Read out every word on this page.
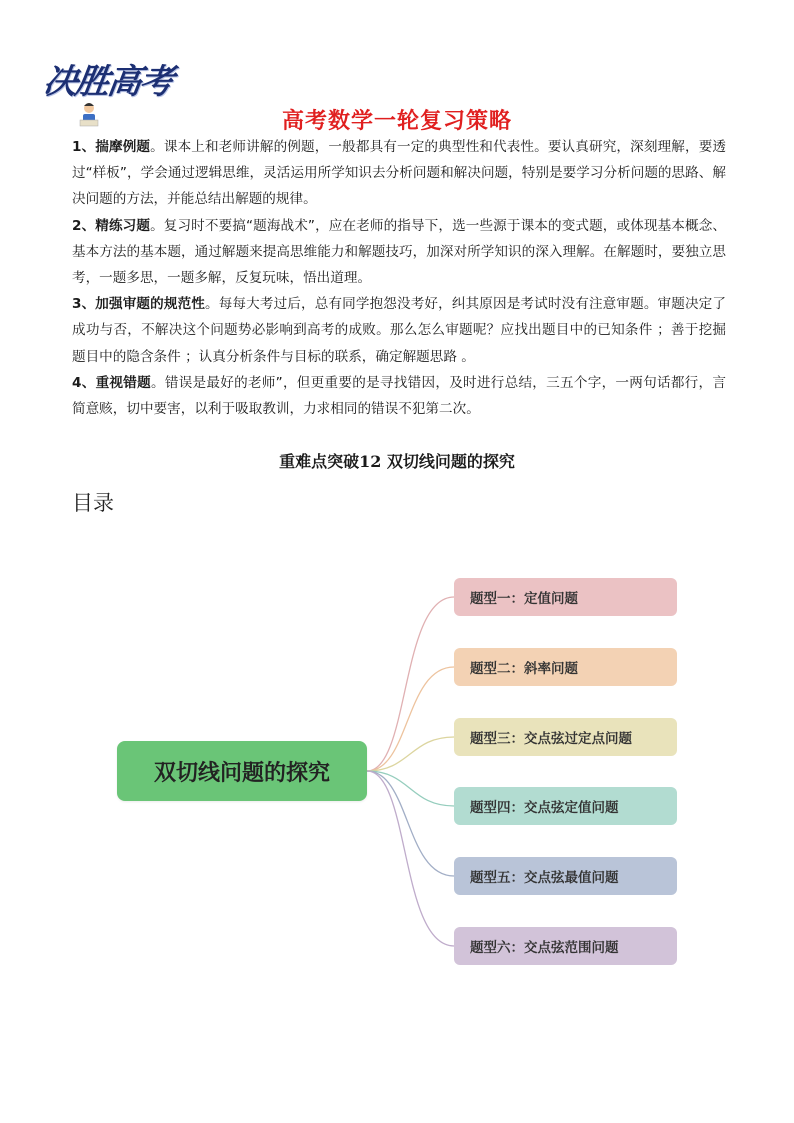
决胜高考
高考数学一轮复习策略

1、揣摩例题。课本上和老师讲解的例题，一般都具有一定的典型性和代表性。要认真研究，深刻理解，要透过“样板”，学会通过逻辑思维，灵活运用所学知识去分析问题和解决问题，特别是要学习分析问题的思路、解决问题的方法，并能总结出解题的规律。

2、精练习题。复习时不要搞“题海战术”，应在老师的指导下，选一些源于课本的变式题，或体现基本概念、基本方法的基本题，通过解题来提高思维能力和解题技巧，加深对所学知识的深入理解。在解题时，要独立思考，一题多思，一题多解，反复玩味，悟出道理。

3、加强审题的规范性。每每大考过后，总有同学抱怨没考好，纠其原因是考试时没有注意审题。审题决定了成功与否，不解决这个问题势必影响到高考的成败。那么怎么审题呢？应找出题目中的已知条件 ；善于挖掘题目中的隐含条件 ；认真分析条件与目标的联系，确定解题思路 。

4、重视错题。错误是最好的老师”，但更重要的是寻找错因，及时进行总结，三五个字，一两句话都行，言简意赅，切中要害，以利于吸取教训，力求相同的错误不犯第二次。

重难点突破12 双切线问题的探究
目录
双切线问题的探究
题型一：定值问题
题型二：斜率问题
题型三：交点弦过定点问题
题型四：交点弦定值问题
题型五：交点弦最值问题
题型六：交点弦范围问题
